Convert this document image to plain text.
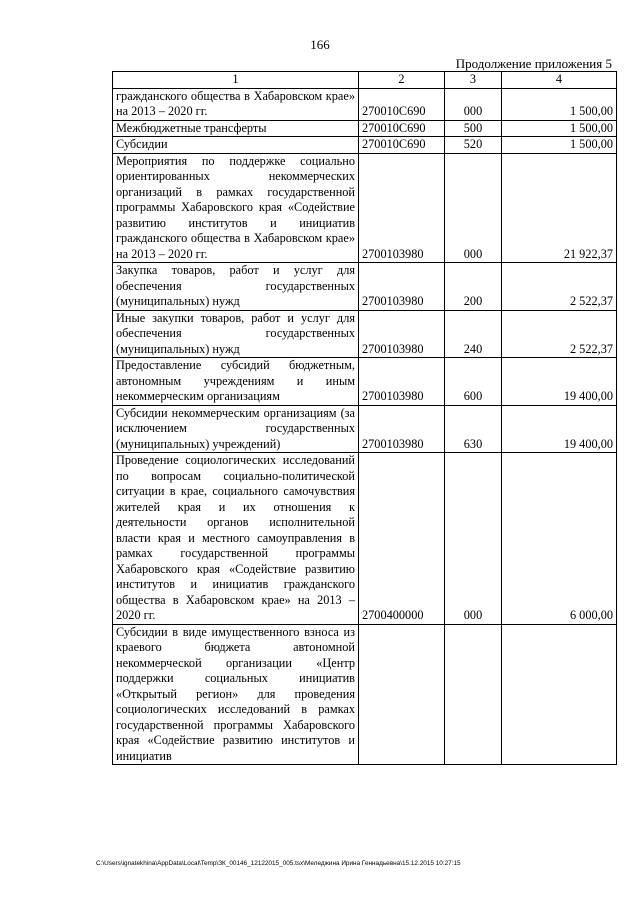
166
Продолжение приложения 5
1	2	3	4
гражданского общества в Хабаровском крае» на 2013 – 2020 гг.	270010С690	000	1 500,00
Межбюджетные трансферты	270010С690	500	1 500,00
Субсидии	270010С690	520	1 500,00
Мероприятия по поддержке социально ориентированных некоммерческих организаций в рамках государственной программы Хабаровского края «Содействие развитию институтов и инициатив гражданского общества в Хабаровском крае» на 2013 – 2020 гг.	2700103980	000	21 922,37
Закупка товаров, работ и услуг для обеспечения государственных (муниципальных) нужд	2700103980	200	2 522,37
Иные закупки товаров, работ и услуг для обеспечения государственных (муниципальных) нужд	2700103980	240	2 522,37
Предоставление субсидий бюджетным, автономным учреждениям и иным некоммерческим организациям	2700103980	600	19 400,00
Субсидии некоммерческим организациям (за исключением государственных (муниципальных) учреждений)	2700103980	630	19 400,00
Проведение социологических исследований по вопросам социально-политической ситуации в крае, социального самочувствия жителей края и их отношения к деятельности органов исполнительной власти края и местного самоуправления в рамках государственной программы Хабаровского края «Содействие развитию институтов и инициатив гражданского общества в Хабаровском крае» на 2013 – 2020 гг.	2700400000	000	6 000,00
Субсидии в виде имущественного взноса из краевого бюджета автономной некоммерческой организации «Центр поддержки социальных инициатив «Открытый регион» для проведения социологических исследований в рамках государственной программы Хабаровского края «Содействие развитию институтов и инициатив			
C:\Users\ignatekhina\AppData\Local\Temp\ЗК_00146_12122015_005.tsx\Меледжина Ирина Геннадьевна\15.12.2015 10:27:15
